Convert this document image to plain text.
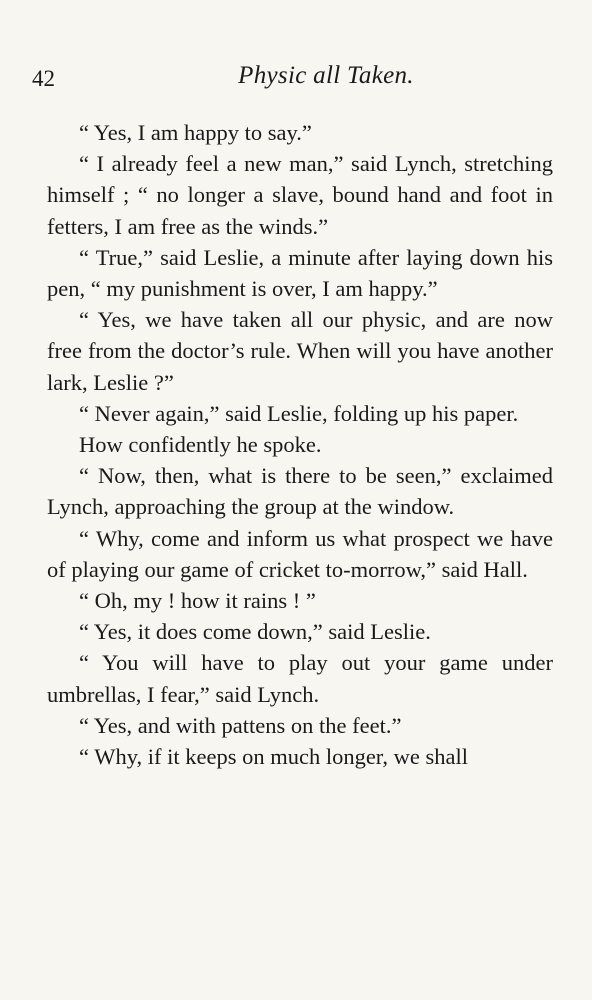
42	Physic all Taken.

“ Yes, I am happy to say.”

“ I already feel a new man,” said Lynch, stretching himself ; “ no longer a slave, bound hand and foot in fetters, I am free as the winds.”

“ True,” said Leslie, a minute after laying down his pen, “ my punishment is over, I am happy.”

“ Yes, we have taken all our physic, and are now free from the doctor’s rule. When will you have another lark, Leslie ?”

“ Never again,” said Leslie, folding up his paper.

How confidently he spoke.

“ Now, then, what is there to be seen,” exclaimed Lynch, approaching the group at the window.

“ Why, come and inform us what prospect we have of playing our game of cricket to-morrow,” said Hall.

“ Oh, my ! how it rains ! ”

“ Yes, it does come down,” said Leslie.

“ You will have to play out your game under umbrellas, I fear,” said Lynch.

“ Yes, and with pattens on the feet.”

“ Why, if it keeps on much longer, we shall
